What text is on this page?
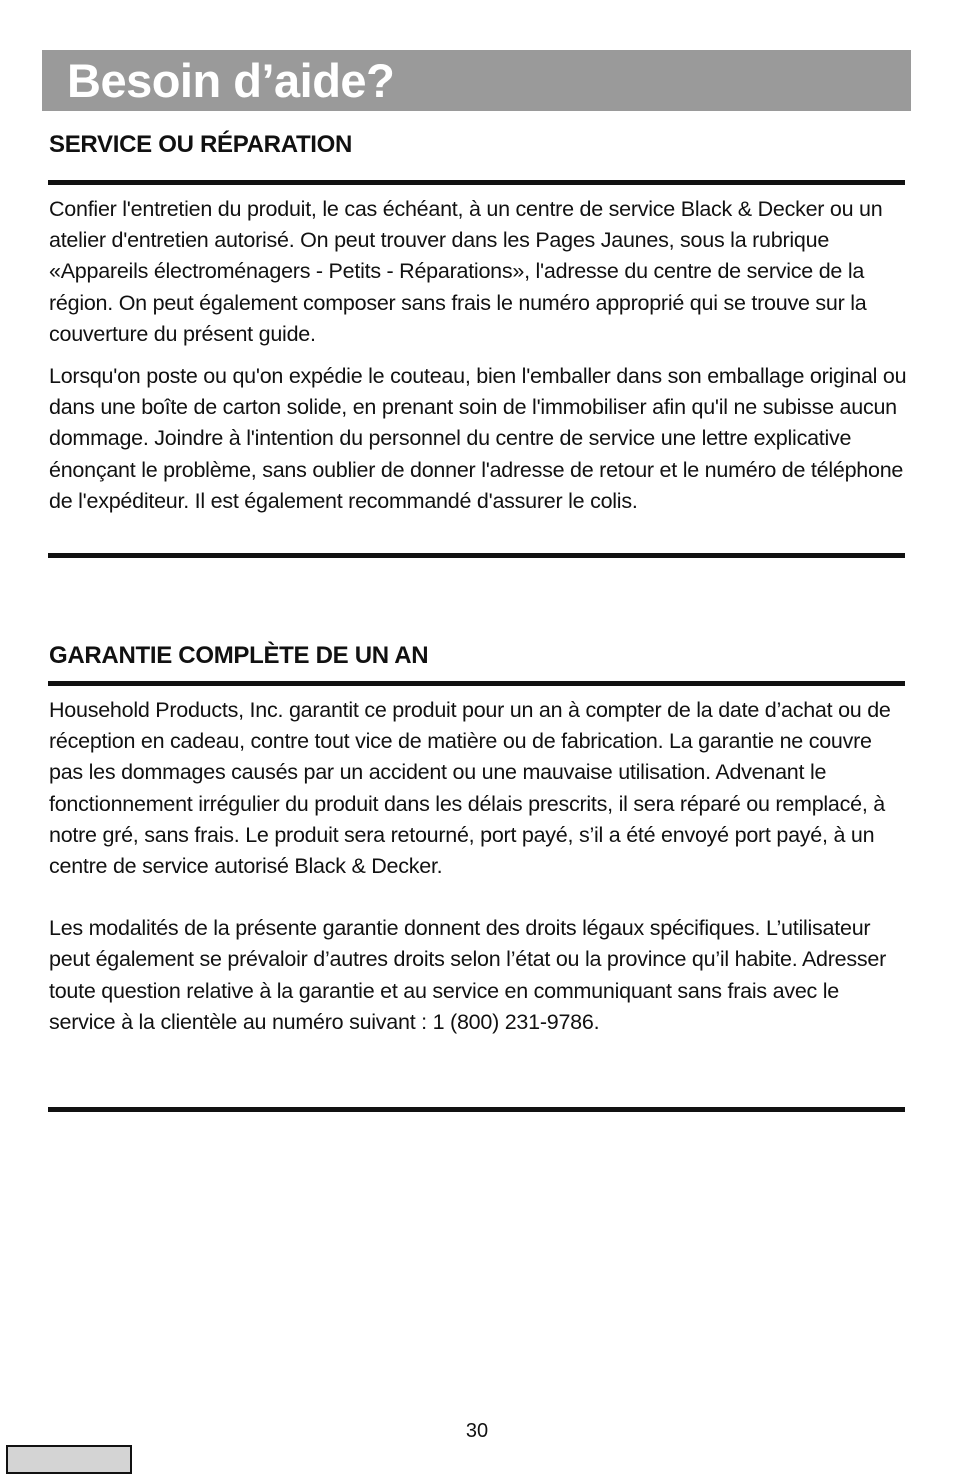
Besoin d’aide?
SERVICE OU RÉPARATION

Confier l'entretien du produit, le cas échéant, à un centre de service Black & Decker ou un atelier d'entretien autorisé. On peut trouver dans les Pages Jaunes, sous la rubrique «Appareils électroménagers - Petits - Réparations», l'adresse du centre de service de la région. On peut également composer sans frais le numéro approprié qui se trouve sur la couverture du présent guide.

Lorsqu'on poste ou qu'on expédie le couteau, bien l'emballer dans son emballage original ou dans une boîte de carton solide, en prenant soin de l'immobiliser afin qu'il ne subisse aucun dommage. Joindre à l'intention du personnel du centre de service une lettre explicative énonçant le problème, sans oublier de donner l'adresse de retour et le numéro de téléphone de l'expéditeur. Il est également recommandé d'assurer le colis.

GARANTIE COMPLÈTE DE UN AN

Household Products, Inc. garantit ce produit pour un an à compter de la date d’achat ou de réception en cadeau, contre tout vice de matière ou de fabrication. La garantie ne couvre pas les dommages causés par un accident ou une mauvaise utilisation. Advenant le fonctionnement irrégulier du produit dans les délais prescrits, il sera réparé ou remplacé, à notre gré, sans frais. Le produit sera retourné, port payé, s’il a été envoyé port payé, à un centre de service autorisé Black & Decker.

Les modalités de la présente garantie donnent des droits légaux spécifiques. L’utilisateur peut également se prévaloir d’autres droits selon l’état ou la province qu’il habite. Adresser toute question relative à la garantie et au service en communiquant sans frais avec le service à la clientèle au numéro suivant : 1 (800) 231-9786.

30
